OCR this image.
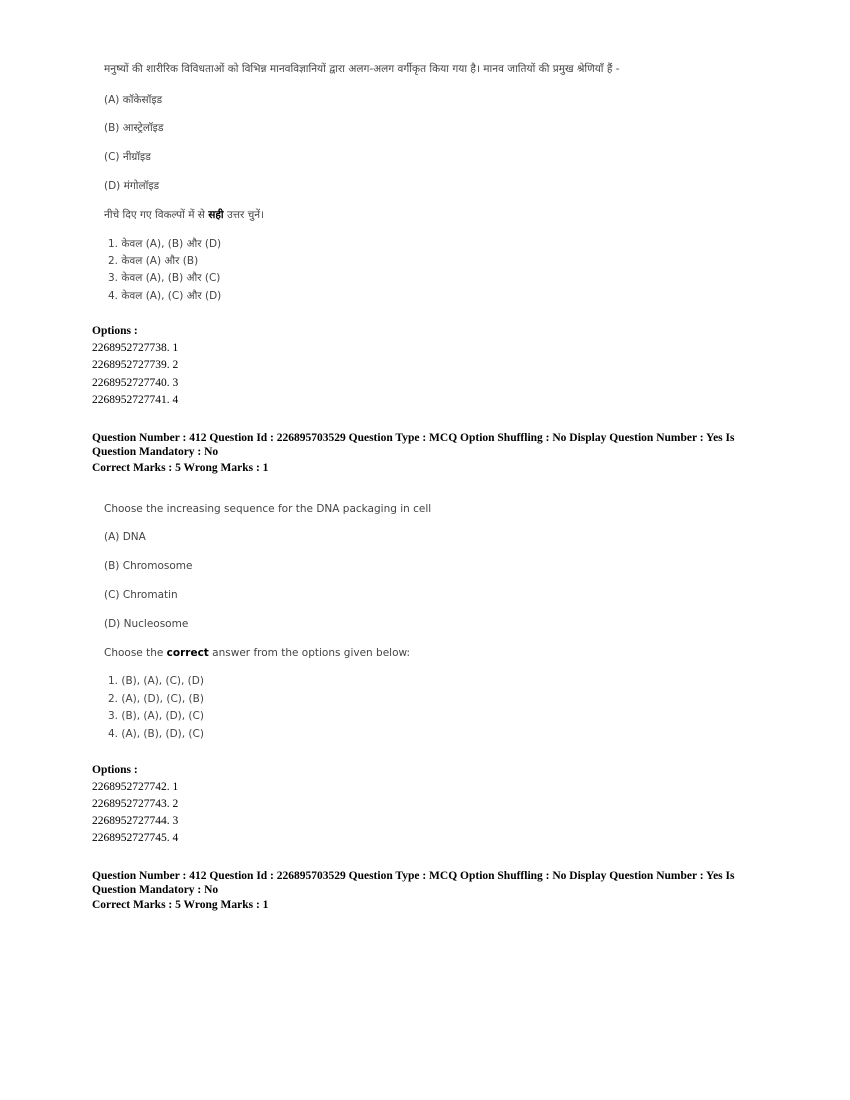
मनुष्यों की शारीरिक विविधताओं को विभिन्न मानवविज्ञानियों द्वारा अलग-अलग वर्गीकृत किया गया है। मानव जातियों की प्रमुख श्रेणियाँ हैं -
(A) कॉकेसॉइड
(B) आस्ट्रेलॉइड
(C) नीग्रॉइड
(D) मंगोलॉइड
नीचे दिए गए विकल्पों में से सही उत्तर चुनें।
1. केवल (A), (B) और (D)
2. केवल (A) और (B)
3. केवल (A), (B) और (C)
4. केवल (A), (C) और (D)
Options :
2268952727738. 1
2268952727739. 2
2268952727740. 3
2268952727741. 4
Question Number : 412 Question Id : 226895703529 Question Type : MCQ Option Shuffling : No Display Question Number : Yes Is
Question Mandatory : No
Correct Marks : 5 Wrong Marks : 1
Choose the increasing sequence for the DNA packaging in cell
(A) DNA
(B) Chromosome
(C) Chromatin
(D) Nucleosome
Choose the correct answer from the options given below:
1. (B), (A), (C), (D)
2. (A), (D), (C), (B)
3. (B), (A), (D), (C)
4. (A), (B), (D), (C)
Options :
2268952727742. 1
2268952727743. 2
2268952727744. 3
2268952727745. 4
Question Number : 412 Question Id : 226895703529 Question Type : MCQ Option Shuffling : No Display Question Number : Yes Is
Question Mandatory : No
Correct Marks : 5 Wrong Marks : 1
